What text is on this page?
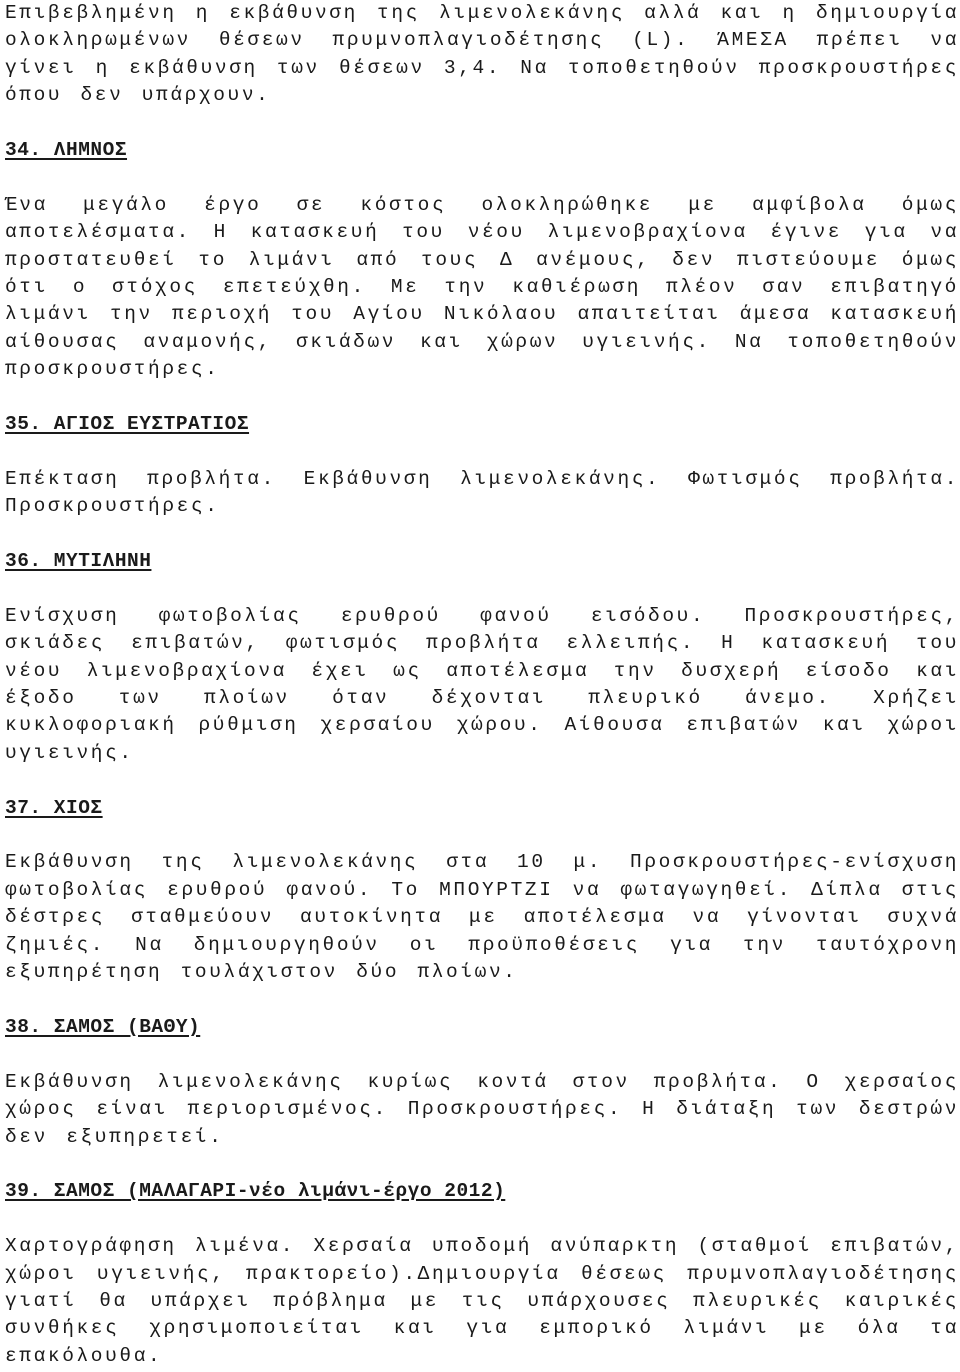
Επιβεβλημένη η εκβάθυνση της λιμενολεκάνης αλλά και η δημιουργία ολοκληρωμένων θέσεων πρυμνοπλαγιοδέτησης (L). ΆΜΕΣΑ πρέπει να γίνει η εκβάθυνση των θέσεων 3,4. Να τοποθετηθούν προσκρουστήρες όπου δεν υπάρχουν.

34. ΛΗΜΝΟΣ

Ένα μεγάλο έργο σε κόστος ολοκληρώθηκε με αμφίβολα όμως αποτελέσματα. Η κατασκευή του νέου λιμενοβραχίονα έγινε για να προστατευθεί το λιμάνι από τους Δ ανέμους, δεν πιστεύουμε όμως ότι ο στόχος επετεύχθη. Με την καθιέρωση πλέον σαν επιβατηγό λιμάνι την περιοχή του Αγίου Νικόλαου απαιτείται άμεσα κατασκευή αίθουσας αναμονής, σκιάδων και χώρων υγιεινής. Να τοποθετηθούν προσκρουστήρες.

35. ΑΓΙΟΣ ΕΥΣΤΡΑΤΙΟΣ

Επέκταση προβλήτα. Εκβάθυνση λιμενολεκάνης. Φωτισμός προβλήτα. Προσκρουστήρες.

36. ΜΥΤΙΛΗΝΗ

Ενίσχυση φωτοβολίας ερυθρού φανού εισόδου. Προσκρουστήρες, σκιάδες επιβατών, φωτισμός προβλήτα ελλειπής. Η κατασκευή του νέου λιμενοβραχίονα έχει ως αποτέλεσμα την δυσχερή είσοδο και έξοδο των πλοίων όταν δέχονται πλευρικό άνεμο. Χρήζει κυκλοφοριακή ρύθμιση χερσαίου χώρου. Αίθουσα επιβατών και χώροι υγιεινής.

37. ΧΙΟΣ

Εκβάθυνση της λιμενολεκάνης στα 10 μ. Προσκρουστήρες-ενίσχυση φωτοβολίας ερυθρού φανού. Το ΜΠΟΥΡΤΖΙ να φωταγωγηθεί. Δίπλα στις δέστρες σταθμεύουν αυτοκίνητα με αποτέλεσμα να γίνονται συχνά ζημιές. Να δημιουργηθούν οι προϋποθέσεις για την ταυτόχρονη εξυπηρέτηση τουλάχιστον δύο πλοίων.

38. ΣΑΜΟΣ (ΒΑΘΥ)

Εκβάθυνση λιμενολεκάνης κυρίως κοντά στον προβλήτα. Ο χερσαίος χώρος είναι περιορισμένος. Προσκρουστήρες. Η διάταξη των δεστρών δεν εξυπηρετεί.

39. ΣΑΜΟΣ (ΜΑΛΑΓΑΡΙ-νέο λιμάνι-έργο 2012)

Χαρτογράφηση λιμένα. Χερσαία υποδομή ανύπαρκτη (σταθμοί επιβατών, χώροι υγιεινής, πρακτορείο).Δημιουργία θέσεως πρυμνοπλαγιοδέτησης γιατί θα υπάρχει πρόβλημα με τις υπάρχουσες πλευρικές καιρικές συνθήκες χρησιμοποιείται και για εμπορικό λιμάνι με όλα τα επακόλουθα.
